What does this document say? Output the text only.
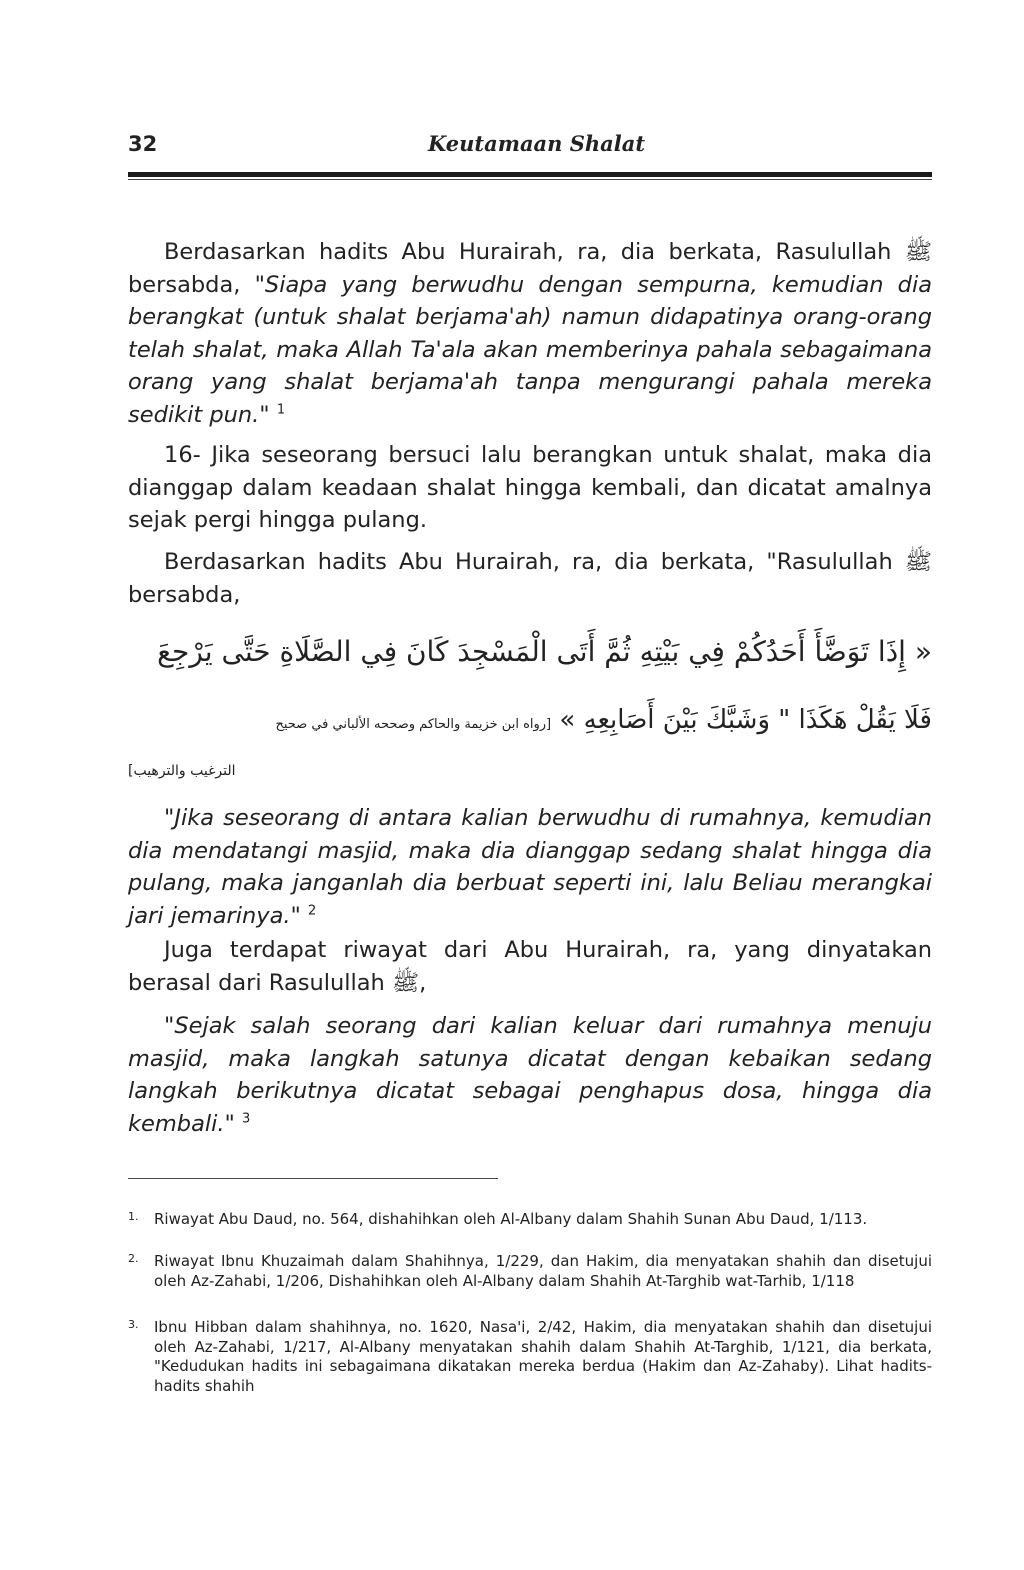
32	Keutamaan Shalat

Berdasarkan hadits Abu Hurairah, ra, dia berkata, Rasulullah ﷺ bersabda, "Siapa yang berwudhu dengan sempurna, kemudian dia berangkat (untuk shalat berjama'ah) namun didapatinya orang-orang telah shalat, maka Allah Ta'ala akan memberinya pahala sebagaimana orang yang shalat berjama'ah tanpa mengurangi pahala mereka sedikit pun." $^1$

16- Jika seseorang bersuci lalu berangkan untuk shalat, maka dia dianggap dalam keadaan shalat hingga kembali, dan dicatat amalnya sejak pergi hingga pulang.

Berdasarkan hadits Abu Hurairah, ra, dia berkata, "Rasulullah ﷺ bersabda,

« إِذَا تَوَضَّأَ أَحَدُكُمْ فِي بَيْتِهِ ثُمَّ أَتَى الْمَسْجِدَ كَانَ فِي الصَّلَاةِ حَتَّى يَرْجِعَ

فَلَا يَقُلْ هَكَذَا " وَشَبَّكَ بَيْنَ أَصَابِعِهِ » [رواه ابن خزيمة والحاكم وصححه الألباني في صحيح

الترغيب والترهيب]

"Jika seseorang di antara kalian berwudhu di rumahnya, kemudian dia mendatangi masjid, maka dia dianggap sedang shalat hingga dia pulang, maka janganlah dia berbuat seperti ini, lalu Beliau merangkai jari jemarinya." $^2$

Juga terdapat riwayat dari Abu Hurairah, ra, yang dinyatakan berasal dari Rasulullah ﷺ,

"Sejak salah seorang dari kalian keluar dari rumahnya menuju masjid, maka langkah satunya dicatat dengan kebaikan sedang langkah berikutnya dicatat sebagai penghapus dosa, hingga dia kembali." $^3$

1. Riwayat Abu Daud, no. 564, dishahihkan oleh Al-Albany dalam Shahih Sunan Abu Daud, 1/113.

2. Riwayat Ibnu Khuzaimah dalam Shahihnya, 1/229, dan Hakim, dia menyatakan shahih dan disetujui oleh Az-Zahabi, 1/206, Dishahihkan oleh Al-Albany dalam Shahih At-Targhib wat-Tarhib, 1/118

3. Ibnu Hibban dalam shahihnya, no. 1620, Nasa'i, 2/42, Hakim, dia menyatakan shahih dan disetujui oleh Az-Zahabi, 1/217, Al-Albany menyatakan shahih dalam Shahih At-Targhib, 1/121, dia berkata, "Kedudukan hadits ini sebagaimana dikatakan mereka berdua (Hakim dan Az-Zahaby). Lihat hadits-hadits shahih
